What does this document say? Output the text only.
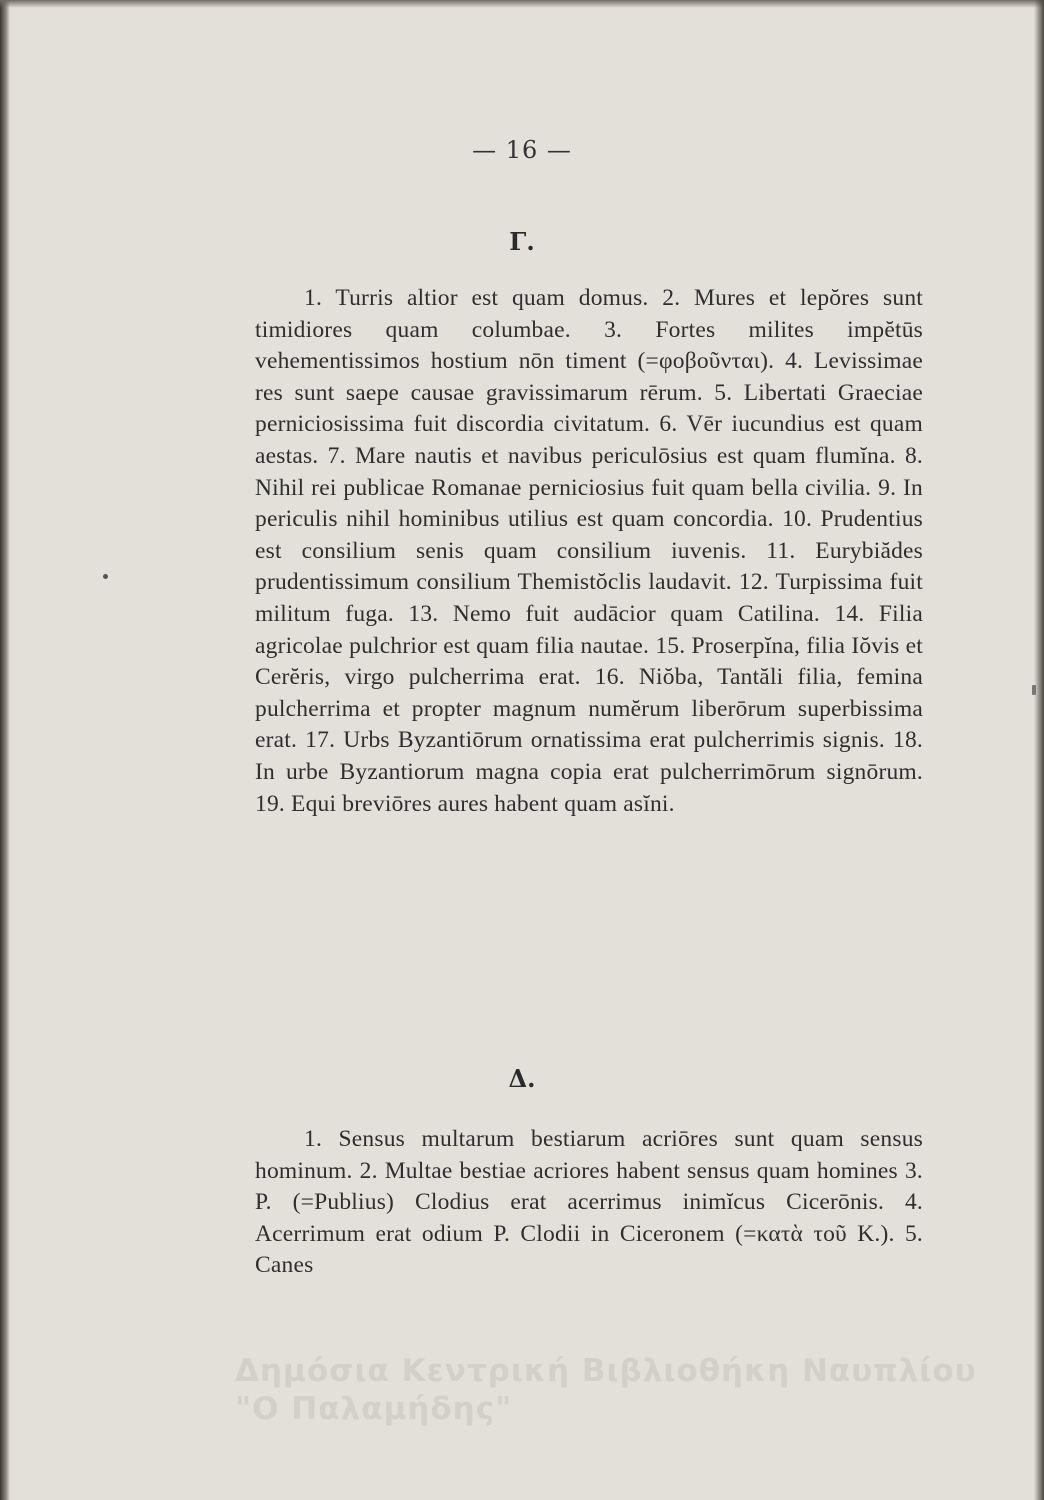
— 16 —
Γ.

1. Turris altior est quam domus. 2. Mures et lepŏres sunt timidiores quam columbae. 3. Fortes milites impĕtūs vehementissimos hostium nōn timent (=φοβοῦνται). 4. Levissimae res sunt saepe causae gravissimarum rērum. 5. Libertati Graeciae perniciosissima fuit discordia civitatum. 6. Vēr iucundius est quam aestas. 7. Mare nautis et navibus periculōsius est quam flumĭna. 8. Nihil rei publicae Romanae perniciosius fuit quam bella civilia. 9. In periculis nihil hominibus utilius est quam concordia. 10. Prudentius est consilium senis quam consilium iuvenis. 11. Eurybiădes prudentissimum consilium Themistŏclis laudavit. 12. Turpissima fuit militum fuga. 13. Nemo fuit audācior quam Catilina. 14. Filia agricolae pulchrior est quam filia nautae. 15. Proserpĭna, filia Iŏvis et Cerĕris, virgo pulcherrima erat. 16. Niŏba, Tantăli filia, femina pulcherrima et propter magnum numĕrum liberōrum superbissima erat. 17. Urbs Byzantiōrum ornatissima erat pulcherrimis signis. 18. In urbe Byzantiorum magna copia erat pulcherrimōrum signōrum. 19. Equi breviōres aures habent quam asĭni.

Δ.

1. Sensus multarum bestiarum acriōres sunt quam sensus hominum. 2. Multae bestiae acriores habent sensus quam homines 3. P. (=Publius) Clodius erat acerrimus inimĭcus Cicerōnis. 4. Acerrimum erat odium P. Clodii in Ciceronem (=κατὰ τοῦ Κ.). 5. Canes

Δημόσια Κεντρική Βιβλιοθήκη Ναυπλίου
"Ο Παλαμήδης"
